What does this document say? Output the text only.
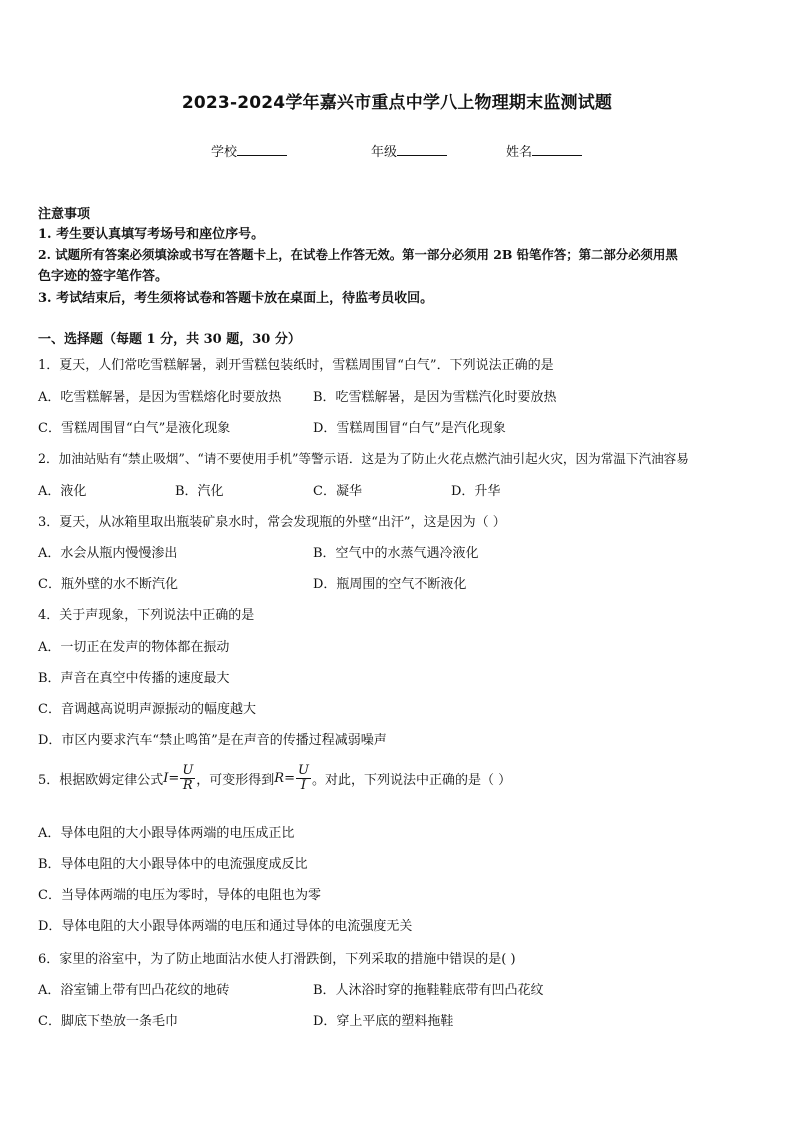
2023-2024学年嘉兴市重点中学八上物理期末监测试题
学校	年级	姓名
注意事项
1. 考生要认真填写考场号和座位序号。
2. 试题所有答案必须填涂或书写在答题卡上，在试卷上作答无效。第一部分必须用 2B 铅笔作答；第二部分必须用黑
色字迹的签字笔作答。
3. 考试结束后，考生须将试卷和答题卡放在桌面上，待监考员收回。
一、选择题（每题 1 分，共 30 题，30 分）
1．夏天，人们常吃雪糕解暑，剥开雪糕包装纸时，雪糕周围冒“白气”．下列说法正确的是
A．吃雪糕解暑，是因为雪糕熔化时要放热 B．吃雪糕解暑，是因为雪糕汽化时要放热
C．雪糕周围冒“白气”是液化现象	D．雪糕周围冒“白气”是汽化现象
2．加油站贴有“禁止吸烟”、“请不要使用手机”等警示语．这是为了防止火花点燃汽油引起火灾，因为常温下汽油容易
A．液化	B．汽化	C．凝华	D．升华
3．夏天，从冰箱里取出瓶装矿泉水时，常会发现瓶的外壁“出汗”，这是因为（ ）
A．水会从瓶内慢慢渗出	B．空气中的水蒸气遇冷液化
C．瓶外壁的水不断汽化	D．瓶周围的空气不断液化
4．关于声现象，下列说法中正确的是
A．一切正在发声的物体都在振动
B．声音在真空中传播的速度最大
C．音调越高说明声源振动的幅度越大
D．市区内要求汽车“禁止鸣笛”是在声音的传播过程减弱噪声
5．根据欧姆定律公式 $I= \frac{U}{R}$ ，可变形得到 $R= \frac{U}{I}$ 。对此，下列说法中正确的是（ ）
A．导体电阻的大小跟导体两端的电压成正比
B．导体电阻的大小跟导体中的电流强度成反比
C．当导体两端的电压为零时，导体的电阻也为零
D．导体电阻的大小跟导体两端的电压和通过导体的电流强度无关
6．家里的浴室中，为了防止地面沾水使人打滑跌倒，下列采取的措施中错误的是( )
A．浴室铺上带有凹凸花纹的地砖	B．人沐浴时穿的拖鞋鞋底带有凹凸花纹
C．脚底下垫放一条毛巾	D．穿上平底的塑料拖鞋
